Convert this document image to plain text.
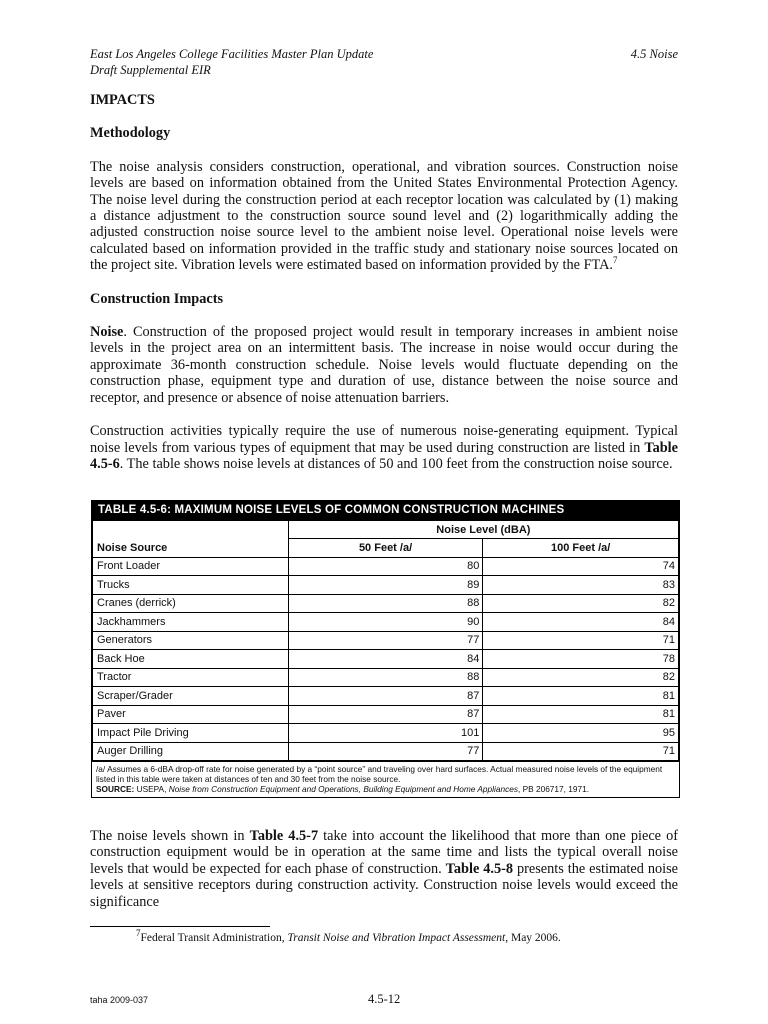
East Los Angeles College Facilities Master Plan Update
Draft Supplemental EIR
4.5 Noise
IMPACTS
Methodology

The noise analysis considers construction, operational, and vibration sources. Construction noise levels are based on information obtained from the United States Environmental Protection Agency. The noise level during the construction period at each receptor location was calculated by (1) making a distance adjustment to the construction source sound level and (2) logarithmically adding the adjusted construction noise source level to the ambient noise level. Operational noise levels were calculated based on information provided in the traffic study and stationary noise sources located on the project site. Vibration levels were estimated based on information provided by the FTA.$^7$

Construction Impacts

Noise. Construction of the proposed project would result in temporary increases in ambient noise levels in the project area on an intermittent basis. The increase in noise would occur during the approximate 36-month construction schedule. Noise levels would fluctuate depending on the construction phase, equipment type and duration of use, distance between the noise source and receptor, and presence or absence of noise attenuation barriers.

Construction activities typically require the use of numerous noise-generating equipment. Typical noise levels from various types of equipment that may be used during construction are listed in Table 4.5-6. The table shows noise levels at distances of 50 and 100 feet from the construction noise source.

TABLE 4.5-6: MAXIMUM NOISE LEVELS OF COMMON CONSTRUCTION MACHINES
	Noise Level (dBA)	
Noise Source	50 Feet /a/	100 Feet /a/
Front Loader	80	74
Trucks	89	83
Cranes (derrick)	88	82
Jackhammers	90	84
Generators	77	71
Back Hoe	84	78
Tractor	88	82
Scraper/Grader	87	81
Paver	87	81
Impact Pile Driving	101	95
Auger Drilling	77	71
/a/ Assumes a 6-dBA drop-off rate for noise generated by a “point source” and traveling over hard surfaces. Actual measured noise levels of the equipment listed in this table were taken at distances of ten and 30 feet from the noise source.
SOURCE: USEPA, Noise from Construction Equipment and Operations, Building Equipment and Home Appliances, PB 206717, 1971.

The noise levels shown in Table 4.5-7 take into account the likelihood that more than one piece of construction equipment would be in operation at the same time and lists the typical overall noise levels that would be expected for each phase of construction. Table 4.5-8 presents the estimated noise levels at sensitive receptors during construction activity. Construction noise levels would exceed the significance

$^7$Federal Transit Administration, Transit Noise and Vibration Impact Assessment, May 2006.
taha 2009-037	4.5-12
